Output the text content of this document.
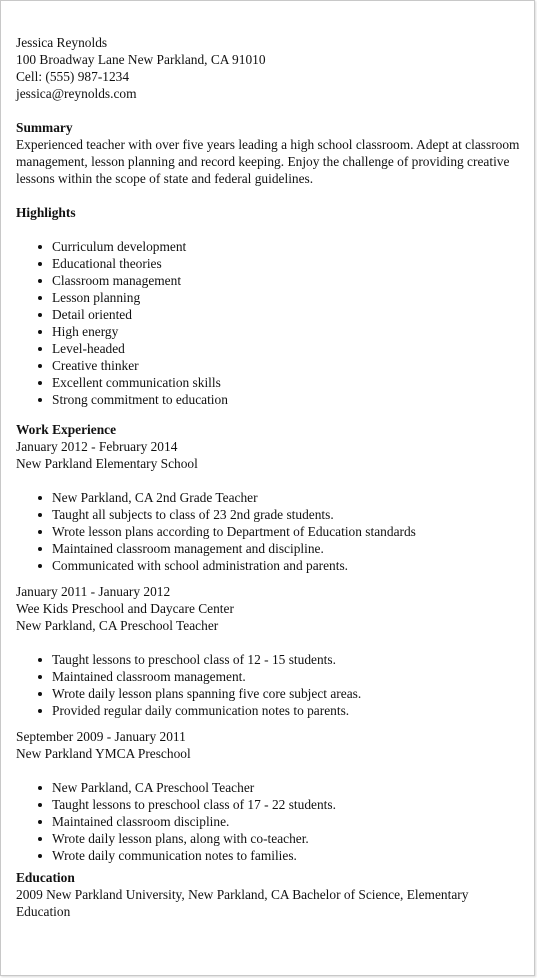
Jessica Reynolds
100 Broadway Lane New Parkland, CA 91010
Cell: (555) 987-1234
jessica@reynolds.com
Summary
Experienced teacher with over five years leading a high school classroom. Adept at classroom management, lesson planning and record keeping. Enjoy the challenge of providing creative lessons within the scope of state and federal guidelines.
Highlights
Curriculum development
Educational theories
Classroom management
Lesson planning
Detail oriented
High energy
Level-headed
Creative thinker
Excellent communication skills
Strong commitment to education
Work Experience
January 2012 - February 2014
New Parkland Elementary School
New Parkland, CA 2nd Grade Teacher
Taught all subjects to class of 23 2nd grade students.
Wrote lesson plans according to Department of Education standards
Maintained classroom management and discipline.
Communicated with school administration and parents.
January 2011 - January 2012
Wee Kids Preschool and Daycare Center
New Parkland, CA Preschool Teacher
Taught lessons to preschool class of 12 - 15 students.
Maintained classroom management.
Wrote daily lesson plans spanning five core subject areas.
Provided regular daily communication notes to parents.
September 2009 - January 2011
New Parkland YMCA Preschool
New Parkland, CA Preschool Teacher
Taught lessons to preschool class of 17 - 22 students.
Maintained classroom discipline.
Wrote daily lesson plans, along with co-teacher.
Wrote daily communication notes to families.
Education
2009 New Parkland University, New Parkland, CA Bachelor of Science, Elementary Education
